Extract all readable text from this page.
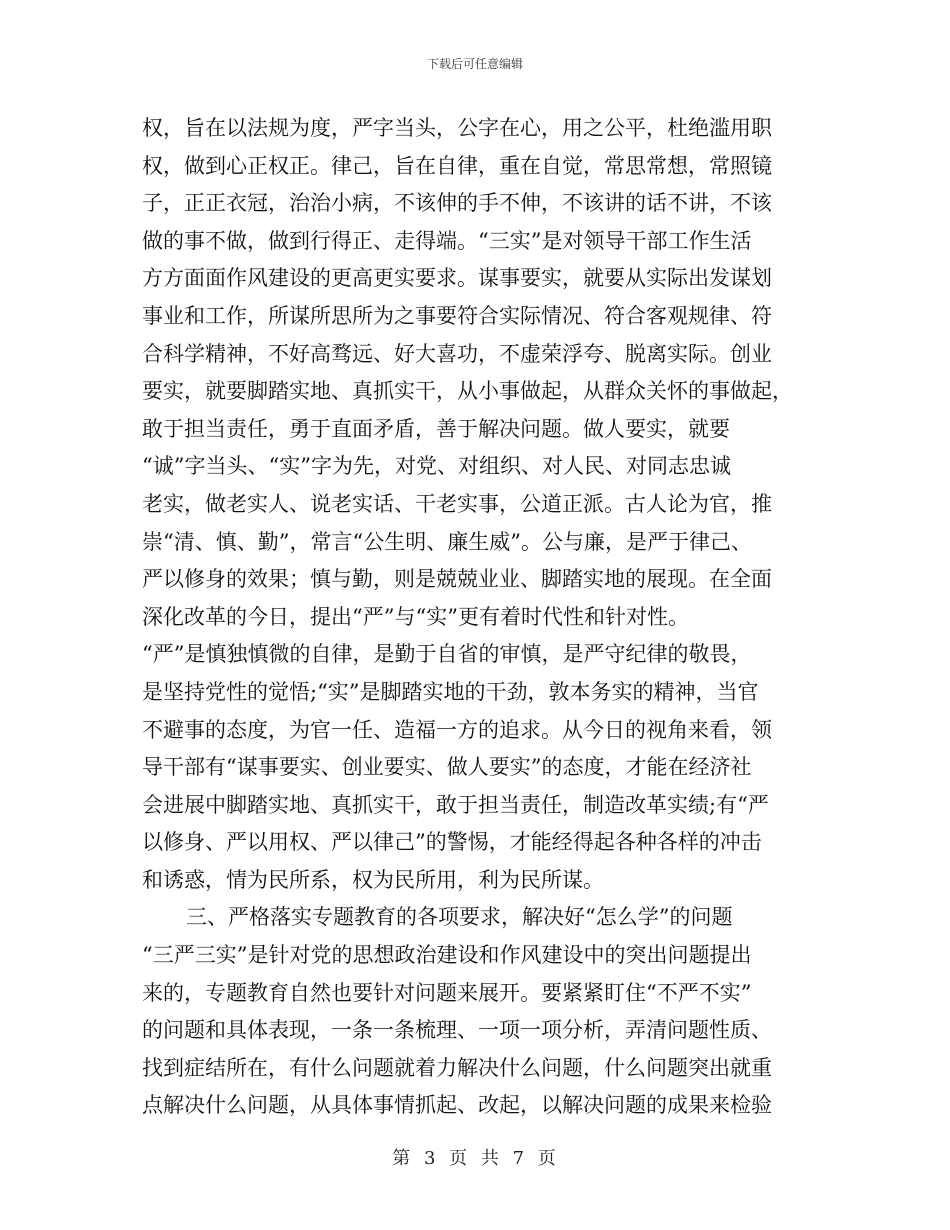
下载后可任意编辑
权，旨在以法规为度，严字当头，公字在心，用之公平，杜绝滥用职
权，做到心正权正。律己，旨在自律，重在自觉，常思常想，常照镜
子，正正衣冠，治治小病，不该伸的手不伸，不该讲的话不讲，不该
做的事不做，做到行得正、走得端。“三实”是对领导干部工作生活
方方面面作风建设的更高更实要求。谋事要实，就要从实际出发谋划
事业和工作，所谋所思所为之事要符合实际情况、符合客观规律、符
合科学精神，不好高骛远、好大喜功，不虚荣浮夸、脱离实际。创业
要实，就要脚踏实地、真抓实干，从小事做起，从群众关怀的事做起，
敢于担当责任，勇于直面矛盾，善于解决问题。做人要实，就要
“诚”字当头、“实”字为先，对党、对组织、对人民、对同志忠诚
老实，做老实人、说老实话、干老实事，公道正派。古人论为官，推
崇“清、慎、勤”，常言“公生明、廉生威”。公与廉，是严于律己、
严以修身的效果；慎与勤，则是兢兢业业、脚踏实地的展现。在全面
深化改革的今日，提出“严”与“实”更有着时代性和针对性。
“严”是慎独慎微的自律，是勤于自省的审慎，是严守纪律的敬畏，
是坚持党性的觉悟;“实”是脚踏实地的干劲，敦本务实的精神，当官
不避事的态度，为官一任、造福一方的追求。从今日的视角来看，领
导干部有“谋事要实、创业要实、做人要实”的态度，才能在经济社
会进展中脚踏实地、真抓实干，敢于担当责任，制造改革实绩;有“严
以修身、严以用权、严以律己”的警惕，才能经得起各种各样的冲击
和诱惑，情为民所系，权为民所用，利为民所谋。
三、严格落实专题教育的各项要求，解决好“怎么学”的问题
“三严三实”是针对党的思想政治建设和作风建设中的突出问题提出
来的，专题教育自然也要针对问题来展开。要紧紧盯住“不严不实”
的问题和具体表现，一条一条梳理、一项一项分析，弄清问题性质、
找到症结所在，有什么问题就着力解决什么问题，什么问题突出就重
点解决什么问题，从具体事情抓起、改起，以解决问题的成果来检验
第 3 页 共 7 页
